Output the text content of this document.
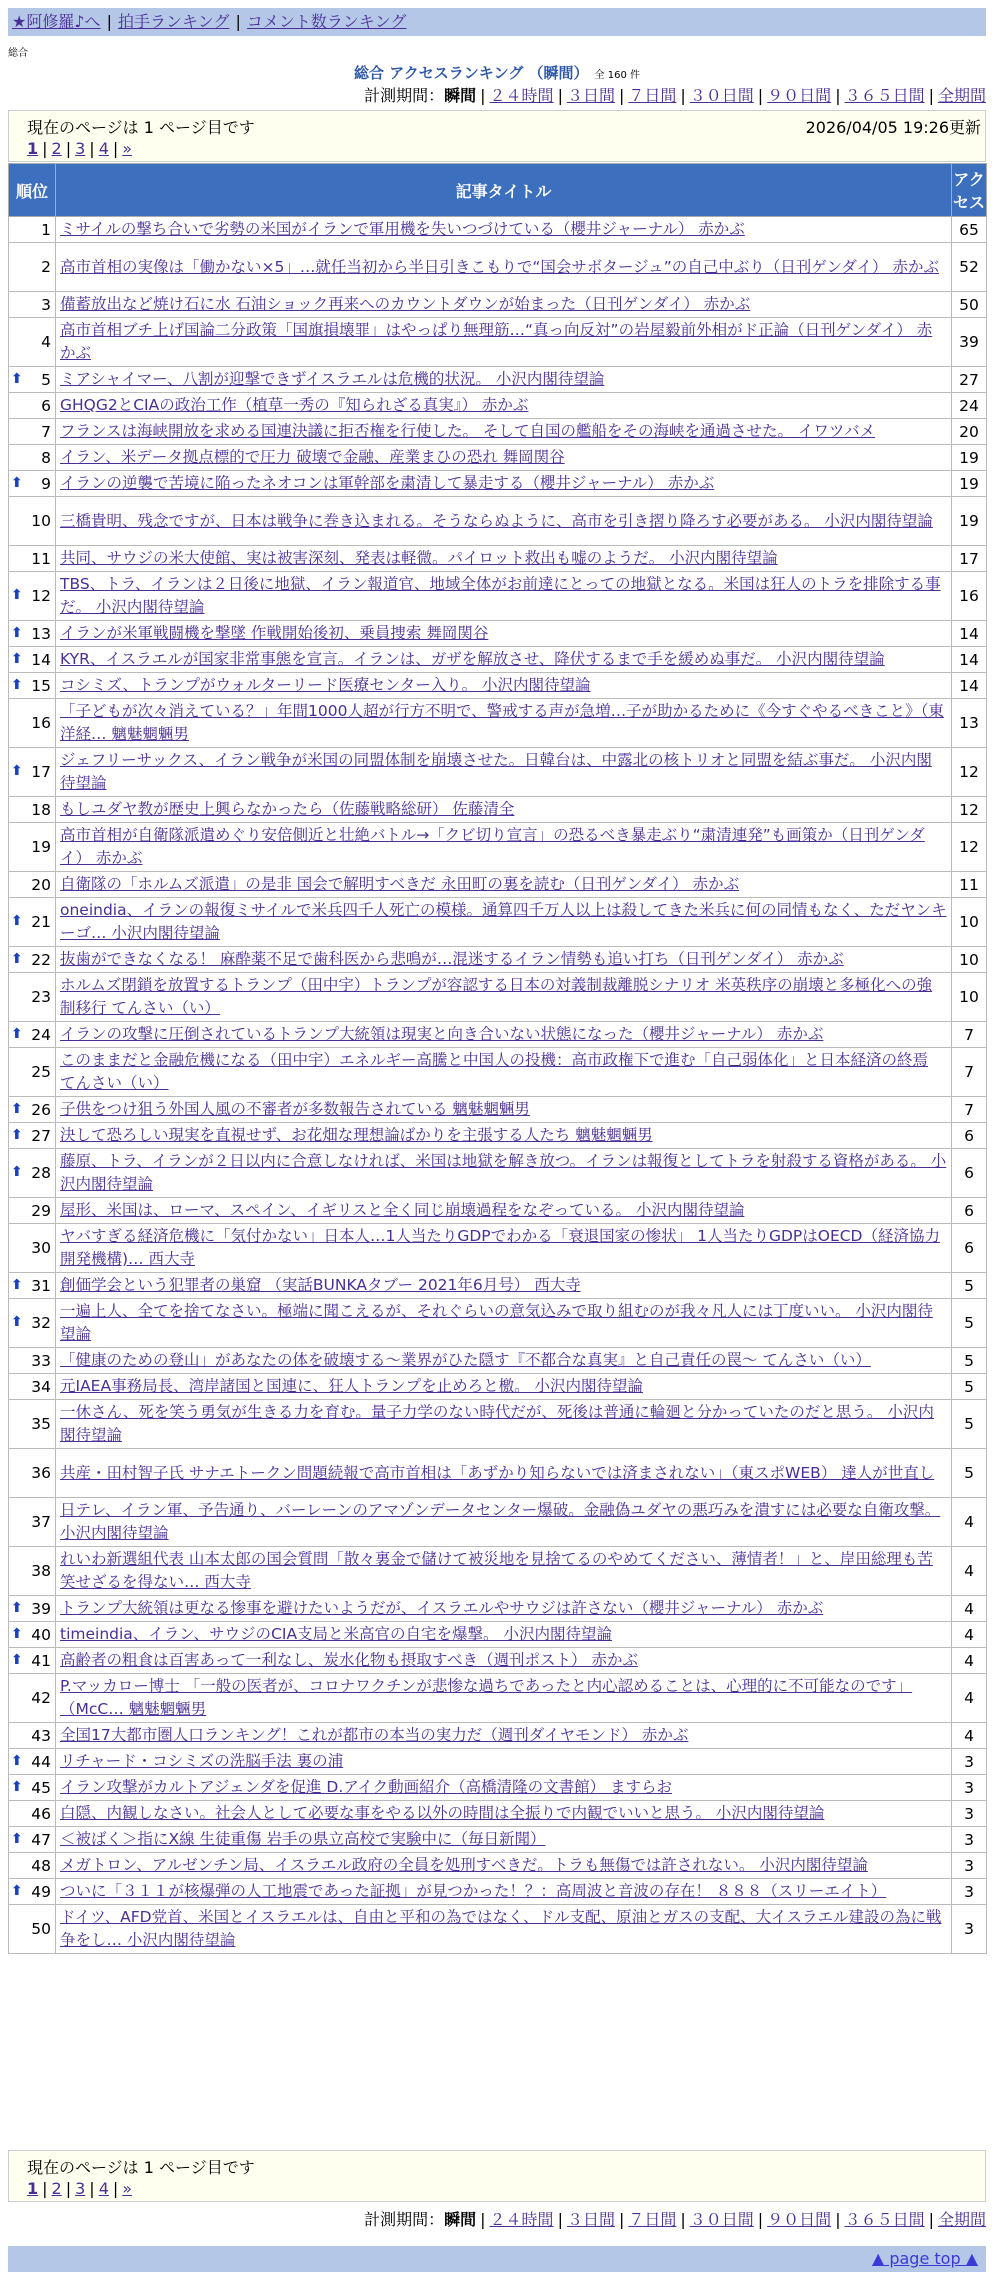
★阿修羅♪へ | 拍手ランキング | コメント数ランキング
総合
総合 アクセスランキング （瞬間） 全 160 件
計測期間：瞬間 | ２４時間 | ３日間 | ７日間 | ３０日間 | ９０日間 | ３６５日間 | 全期間
現在のページは 1 ページ目です	2026/04/05 19:26更新
1 | 2 | 3 | 4 | »
順位	記事タイトル	アクセス
1	ミサイルの撃ち合いで劣勢の米国がイランで軍用機を失いつづけている（櫻井ジャーナル） 赤かぶ	65
2	高市首相の実像は「働かない×5」…就任当初から半日引きこもりで“国会サボタージュ”の自己中ぶり（日刊ゲンダイ） 赤かぶ	52
3	備蓄放出など焼け石に水 石油ショック再来へのカウントダウンが始まった（日刊ゲンダイ） 赤かぶ	50
4	高市首相ブチ上げ国論二分政策「国旗損壊罪」はやっぱり無理筋…“真っ向反対”の岩屋毅前外相がド正論（日刊ゲンダイ） 赤かぶ	39

⬆ 5	ミアシャイマー、八割が迎撃できずイスラエルは危機的状況。 小沢内閣待望論	27
6	GHQG2とCIAの政治工作（植草一秀の『知られざる真実』） 赤かぶ	24
7	フランスは海峡開放を求める国連決議に拒否権を行使した。 そして自国の艦船をその海峡を通過させた。 イワツバメ	20
8	イラン、米データ拠点標的で圧力 破壊で金融、産業まひの恐れ 舞岡関谷	19

⬆ 9	イランの逆襲で苦境に陥ったネオコンは軍幹部を粛清して暴走する（櫻井ジャーナル） 赤かぶ	19
10	三橋貴明、残念ですが、日本は戦争に巻き込まれる。そうならぬように、高市を引き摺り降ろす必要がある。 小沢内閣待望論	19
11	共同、サウジの米大使館、実は被害深刻、発表は軽微。パイロット救出も嘘のようだ。 小沢内閣待望論	17

⬆ 12	TBS、トラ、イランは２日後に地獄、イラン報道官、地域全体がお前達にとっての地獄となる。米国は狂人のトラを排除する事だ。 小沢内閣待望論	16

⬆ 13	イランが米軍戦闘機を撃墜 作戦開始後初、乗員捜索 舞岡関谷	14

⬆ 14	KYR、イスラエルが国家非常事態を宣言。イランは、ガザを解放させ、降伏するまで手を緩めぬ事だ。 小沢内閣待望論	14

⬆ 15	コシミズ、トランプがウォルターリード医療センター入り。 小沢内閣待望論	14
16	「子どもが次々消えている？」年間1000人超が行方不明で、警戒する声が急増…子が助かるために《今すぐやるべきこと》（東洋経… 魑魅魍魎男	13

⬆ 17	ジェフリーサックス、イラン戦争が米国の同盟体制を崩壊させた。日韓台は、中露北の核トリオと同盟を結ぶ事だ。 小沢内閣待望論	12
18	もしユダヤ教が歴史上興らなかったら（佐藤戦略総研） 佐藤清全	12
19	高市首相が自衛隊派遣めぐり安倍側近と壮絶バトル→「クビ切り宣言」の恐るべき暴走ぶり“粛清連発”も画策か（日刊ゲンダイ） 赤かぶ	12
20	自衛隊の「ホルムズ派遣」の是非 国会で解明すべきだ 永田町の裏を読む（日刊ゲンダイ） 赤かぶ	11

⬆ 21	oneindia、イランの報復ミサイルで米兵四千人死亡の模様。通算四千万人以上は殺してきた米兵に何の同情もなく、ただヤンキーゴ… 小沢内閣待望論	10

⬆ 22	抜歯ができなくなる！ 麻酔薬不足で歯科医から悲鳴が…混迷するイラン情勢も追い打ち（日刊ゲンダイ） 赤かぶ	10
23	ホルムズ閉鎖を放置するトランプ（田中宇）トランプが容認する日本の対義制裁離脱シナリオ 米英秩序の崩壊と多極化への強制移行 てんさい（い）	10

⬆ 24	イランの攻撃に圧倒されているトランプ大統領は現実と向き合いない状態になった（櫻井ジャーナル） 赤かぶ	7
25	このままだと金融危機になる（田中宇）エネルギー高騰と中国人の投機：高市政権下で進む「自己弱体化」と日本経済の終焉 てんさい（い）	7

⬆ 26	子供をつけ狙う外国人風の不審者が多数報告されている 魑魅魍魎男	7

⬆ 27	決して恐ろしい現実を直視せず、お花畑な理想論ばかりを主張する人たち 魑魅魍魎男	6

⬆ 28	藤原、トラ、イランが２日以内に合意しなければ、米国は地獄を解き放つ。イランは報復としてトラを射殺する資格がある。 小沢内閣待望論	6
29	屋形、米国は、ローマ、スペイン、イギリスと全く同じ崩壊過程をなぞっている。 小沢内閣待望論	6
30	ヤバすぎる経済危機に「気付かない」日本人…1人当たりGDPでわかる「衰退国家の惨状」 1人当たりGDPはOECD（経済協力開発機構)… 西大寺	6

⬆ 31	創価学会という犯罪者の巣窟 （実話BUNKAタブー 2021年6月号） 西大寺	5

⬆ 32	一遍上人、全てを捨てなさい。極端に聞こえるが、それぐらいの意気込みで取り組むのが我々凡人には丁度いい。 小沢内閣待望論	5
33	「健康のための登山」があなたの体を破壊する～業界がひた隠す『不都合な真実』と自己責任の罠～ てんさい（い）	5
34	元IAEA事務局長、湾岸諸国と国連に、狂人トランプを止めろと檄。 小沢内閣待望論	5
35	一休さん、死を笑う勇気が生きる力を育む。量子力学のない時代だが、死後は普通に輪廻と分かっていたのだと思う。 小沢内閣待望論	5
36	共産・田村智子氏 サナエトークン問題続報で高市首相は「あずかり知らないでは済まされない」（東スポWEB） 達人が世直し	5
37	日テレ、イラン軍、予告通り、バーレーンのアマゾンデータセンター爆破。金融偽ユダヤの悪巧みを潰すには必要な自衛攻撃。 小沢内閣待望論	4
38	れいわ新選組代表 山本太郎の国会質問「散々裏金で儲けて被災地を見捨てるのやめてください、薄情者！」と、岸田総理も苦笑せざるを得ない… 西大寺	4

⬆ 39	トランプ大統領は更なる惨事を避けたいようだが、イスラエルやサウジは許さない（櫻井ジャーナル） 赤かぶ	4

⬆ 40	timeindia、イラン、サウジのCIA支局と米高官の自宅を爆撃。 小沢内閣待望論	4

⬆ 41	高齢者の粗食は百害あって一利なし、炭水化物も摂取すべき（週刊ポスト） 赤かぶ	4
42	P.マッカロー博士 「一般の医者が、コロナワクチンが悲惨な過ちであったと内心認めることは、心理的に不可能なのです」（McC… 魑魅魍魎男	4
43	全国17大都市圏人口ランキング！これが都市の本当の実力だ（週刊ダイヤモンド） 赤かぶ	4

⬆ 44	リチャード・コシミズの洗脳手法 裏の浦	3

⬆ 45	イラン攻撃がカルトアジェンダを促進 D.アイク動画紹介（高橋清隆の文書館） ますらお	3
46	白隠、内観しなさい。社会人として必要な事をやる以外の時間は全振りで内観でいいと思う。 小沢内閣待望論	3

⬆ 47	＜被ばく＞指にX線 生徒重傷 岩手の県立高校で実験中に（毎日新聞）	3
48	メガトロン、アルゼンチン局、イスラエル政府の全員を処刑すべきだ。トラも無傷では許されない。 小沢内閣待望論	3

⬆ 49	ついに「３１１が核爆弾の人工地震であった証拠」が見つかった！？：高周波と音波の存在！ ８８８（スリーエイト）	3
50	ドイツ、AFD党首、米国とイスラエルは、自由と平和の為ではなく、ドル支配、原油とガスの支配、大イスラエル建設の為に戦争をし… 小沢内閣待望論	3
計測期間：瞬間 | ２４時間 | ３日間 | ７日間 | ３０日間 | ９０日間 | ３６５日間 | 全期間
現在のページは 1 ページ目です
1 | 2 | 3 | 4 | »
▲ page top ▲
